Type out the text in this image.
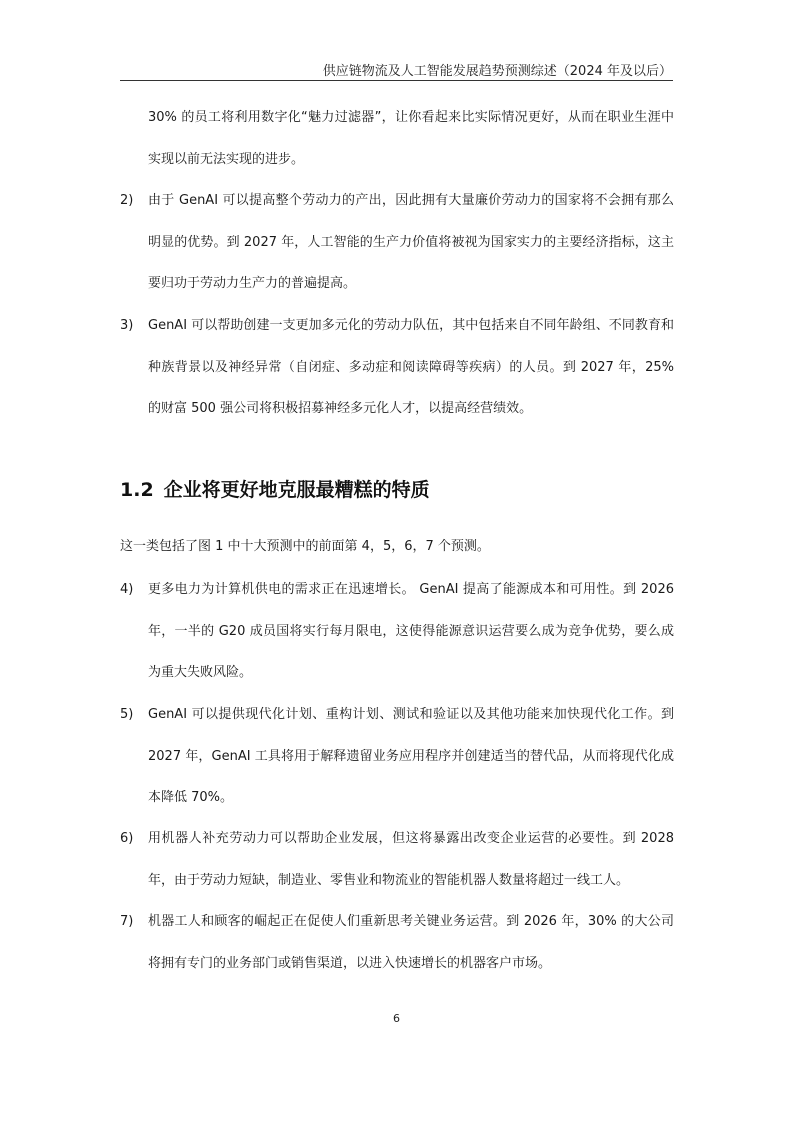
供应链物流及人工智能发展趋势预测综述（2024 年及以后）
30% 的员工将利用数字化“魅力过滤器”，让你看起来比实际情况更好，从而在职业生涯中实现以前无法实现的进步。
2)	由于 GenAI 可以提高整个劳动力的产出，因此拥有大量廉价劳动力的国家将不会拥有那么明显的优势。到 2027 年，人工智能的生产力价值将被视为国家实力的主要经济指标，这主要归功于劳动力生产力的普遍提高。
3)	GenAI 可以帮助创建一支更加多元化的劳动力队伍，其中包括来自不同年龄组、不同教育和种族背景以及神经异常（自闭症、多动症和阅读障碍等疾病）的人员。到 2027 年，25% 的财富 500 强公司将积极招募神经多元化人才，以提高经营绩效。
1.2 企业将更好地克服最糟糕的特质
这一类包括了图 1 中十大预测中的前面第 4，5，6，7 个预测。
4)	更多电力为计算机供电的需求正在迅速增长。 GenAI 提高了能源成本和可用性。到 2026 年，一半的 G20 成员国将实行每月限电，这使得能源意识运营要么成为竞争优势，要么成为重大失败风险。
5)	GenAI 可以提供现代化计划、重构计划、测试和验证以及其他功能来加快现代化工作。到 2027 年，GenAI 工具将用于解释遗留业务应用程序并创建适当的替代品，从而将现代化成本降低 70%。
6)	用机器人补充劳动力可以帮助企业发展，但这将暴露出改变企业运营的必要性。到 2028 年，由于劳动力短缺，制造业、零售业和物流业的智能机器人数量将超过一线工人。
7)	机器工人和顾客的崛起正在促使人们重新思考关键业务运营。到 2026 年，30% 的大公司将拥有专门的业务部门或销售渠道，以进入快速增长的机器客户市场。
6
